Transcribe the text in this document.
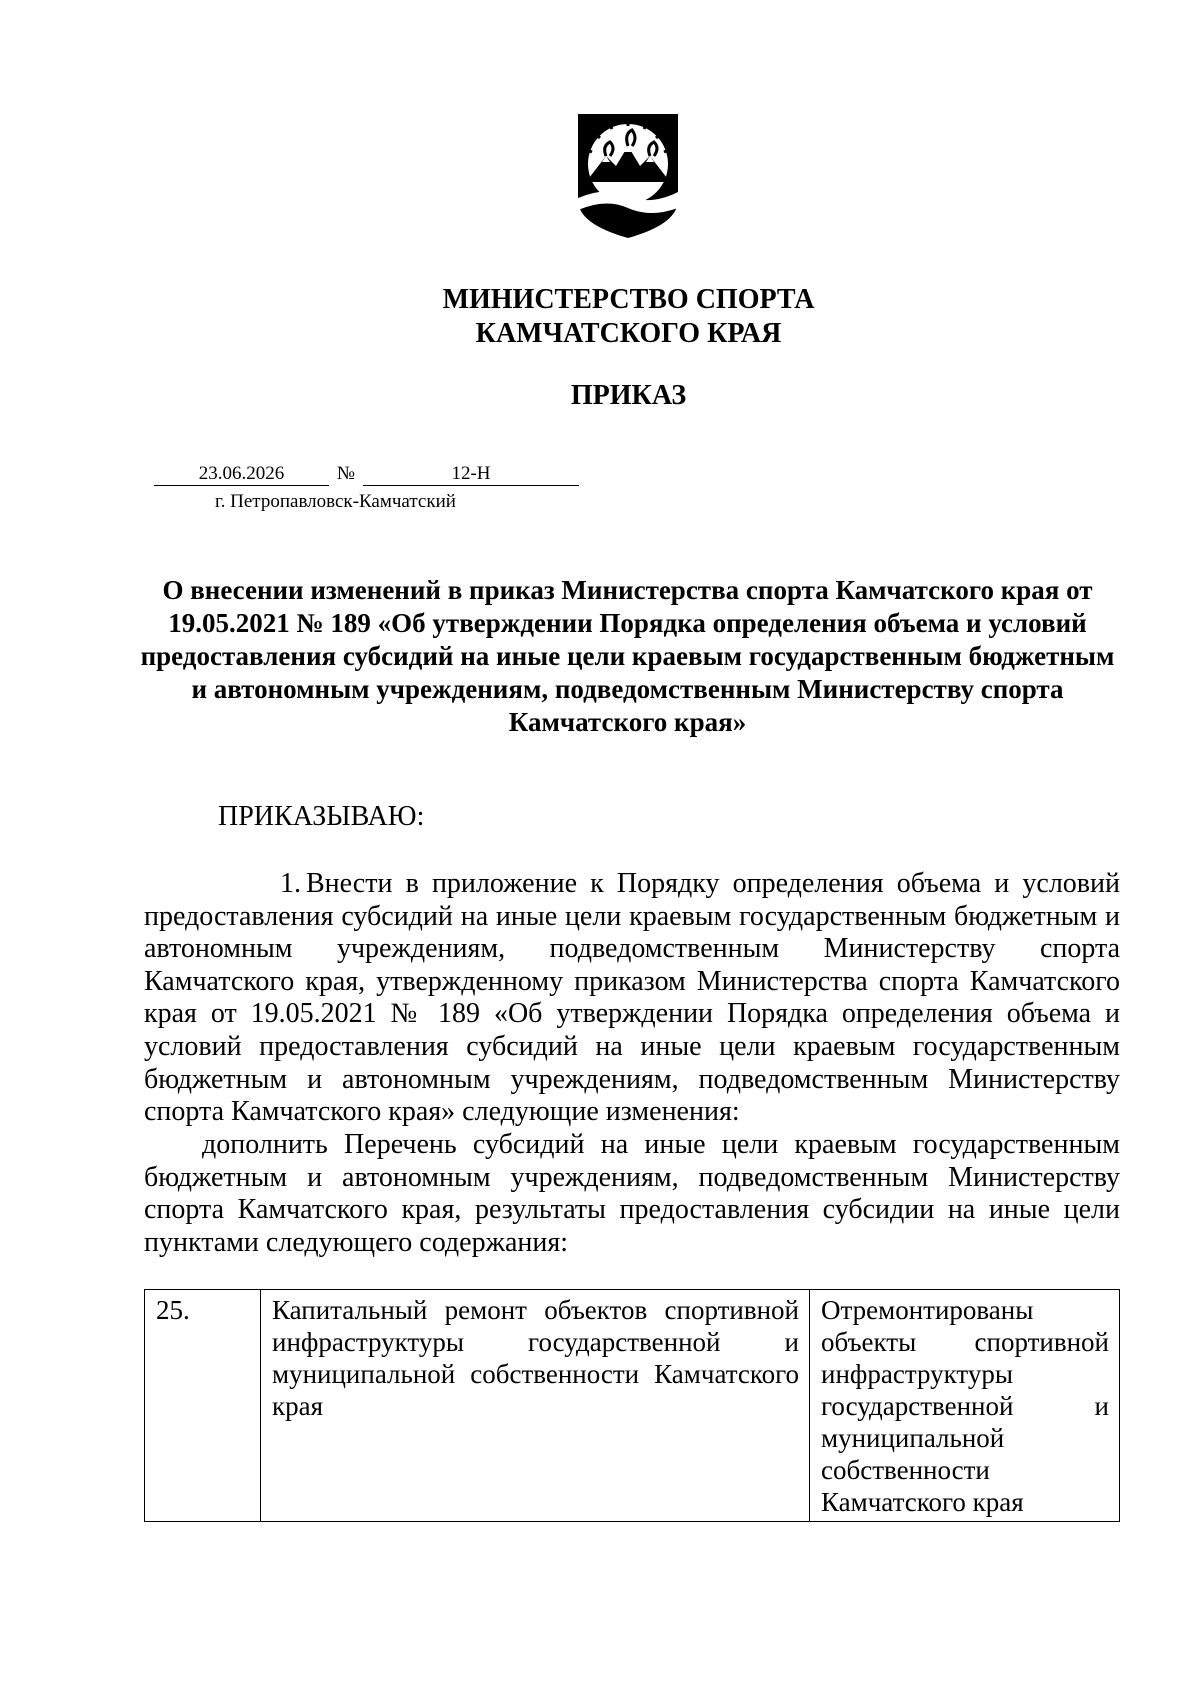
МИНИСТЕРСТВО СПОРТА
КАМЧАТСКОГО КРАЯ
ПРИКАЗ
23.06.2026	№	12-Н
г. Петропавловск-Камчатский
О внесении изменений в приказ Министерства спорта Камчатского края от 19.05.2021 № 189 «Об утверждении Порядка определения объема и условий предоставления субсидий на иные цели краевым государственным бюджетным и автономным учреждениям, подведомственным Министерству спорта Камчатского края»
ПРИКАЗЫВАЮ:

1. Внести в приложение к Порядку определения объема и условий предоставления субсидий на иные цели краевым государственным бюджетным и автономным учреждениям, подведомственным Министерству спорта Камчатского края, утвержденному приказом Министерства спорта Камчатского края от 19.05.2021 № 189 «Об утверждении Порядка определения объема и условий предоставления субсидий на иные цели краевым государственным бюджетным и автономным учреждениям, подведомственным Министерству спорта Камчатского края» следующие изменения:

дополнить Перечень субсидий на иные цели краевым государственным бюджетным и автономным учреждениям, подведомственным Министерству спорта Камчатского края, результаты предоставления субсидии на иные цели пунктами следующего содержания:

25.	Капитальный ремонт объектов спортивной инфраструктуры государственной и муниципальной собственности Камчатского края	Отремонтированы объекты спортивной инфраструктуры государственной и муниципальной собственности Камчатского края
